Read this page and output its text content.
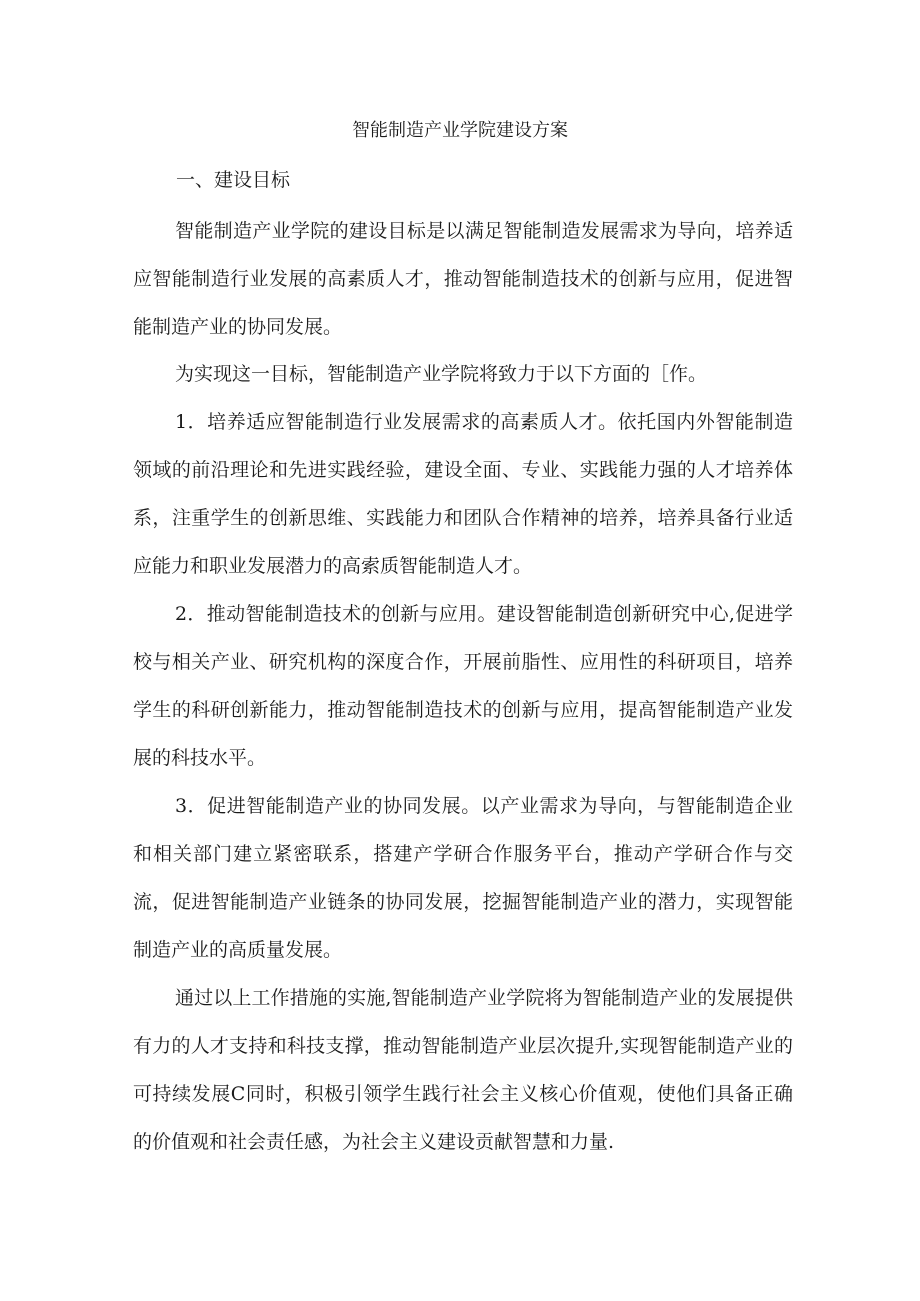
智能制造产业学院建设方案
一、建设目标

智能制造产业学院的建设目标是以满足智能制造发展需求为导向，培养适应智能制造行业发展的高素质人才，推动智能制造技术的创新与应用，促进智能制造产业的协同发展。

为实现这一目标，智能制造产业学院将致力于以下方面的［作。

1．培养适应智能制造行业发展需求的高素质人才。依托国内外智能制造领域的前沿理论和先进实践经验，建设全面、专业、实践能力强的人才培养体系，注重学生的创新思维、实践能力和团队合作精神的培养，培养具备行业适应能力和职业发展潜力的高索质智能制造人才。

2．推动智能制造技术的创新与应用。建设智能制造创新研究中心,促进学校与相关产业、研究机构的深度合作，开展前脂性、应用性的科研项目，培养学生的科研创新能力，推动智能制造技术的创新与应用，提高智能制造产业发展的科技水平。

3．促进智能制造产业的协同发展。以产业需求为导向，与智能制造企业和相关部门建立紧密联系，搭建产学研合作服务平台，推动产学研合作与交流，促进智能制造产业链条的协同发展，挖掘智能制造产业的潜力，实现智能制造产业的高质量发展。

通过以上工作措施的实施,智能制造产业学院将为智能制造产业的发展提供有力的人才支持和科技支撑，推动智能制造产业层次提升,实现智能制造产业的可持续发展C同时，积极引领学生践行社会主义核心价值观，使他们具备正确的价值观和社会责任感，为社会主义建设贡献智慧和力量.
